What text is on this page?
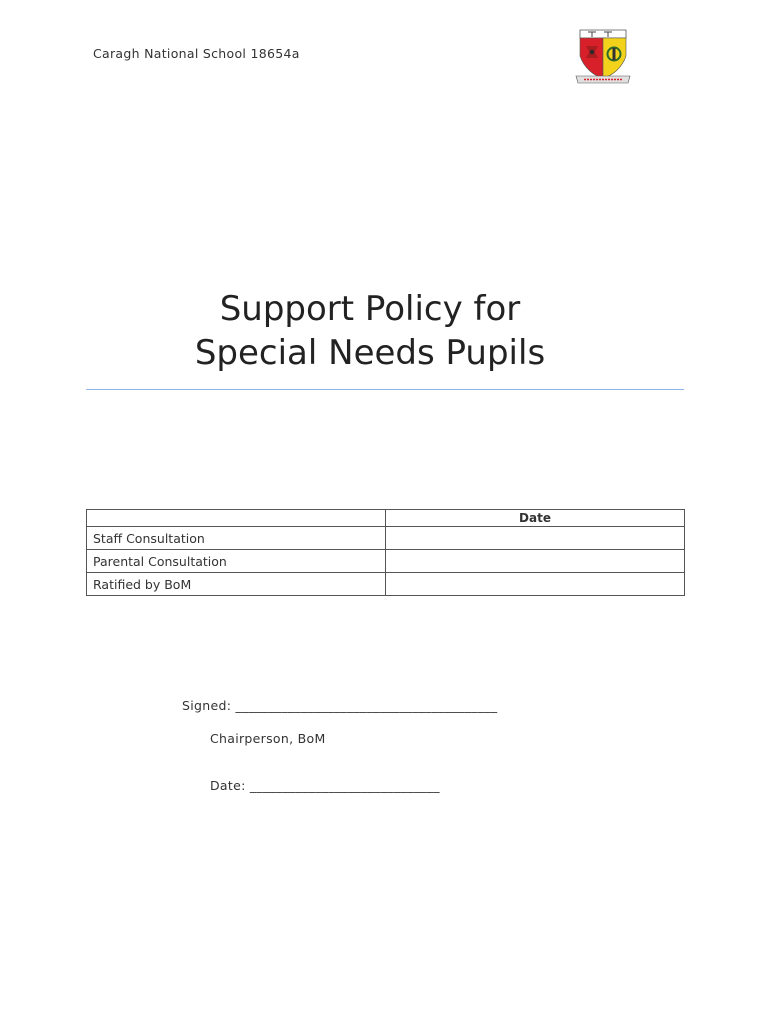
Caragh National School 18654a
Support Policy for
Special Needs Pupils
	Date
Staff Consultation	
Parental Consultation	
Ratified by BoM	
Signed: ________________________________________
Chairperson, BoM
Date: _____________________________
